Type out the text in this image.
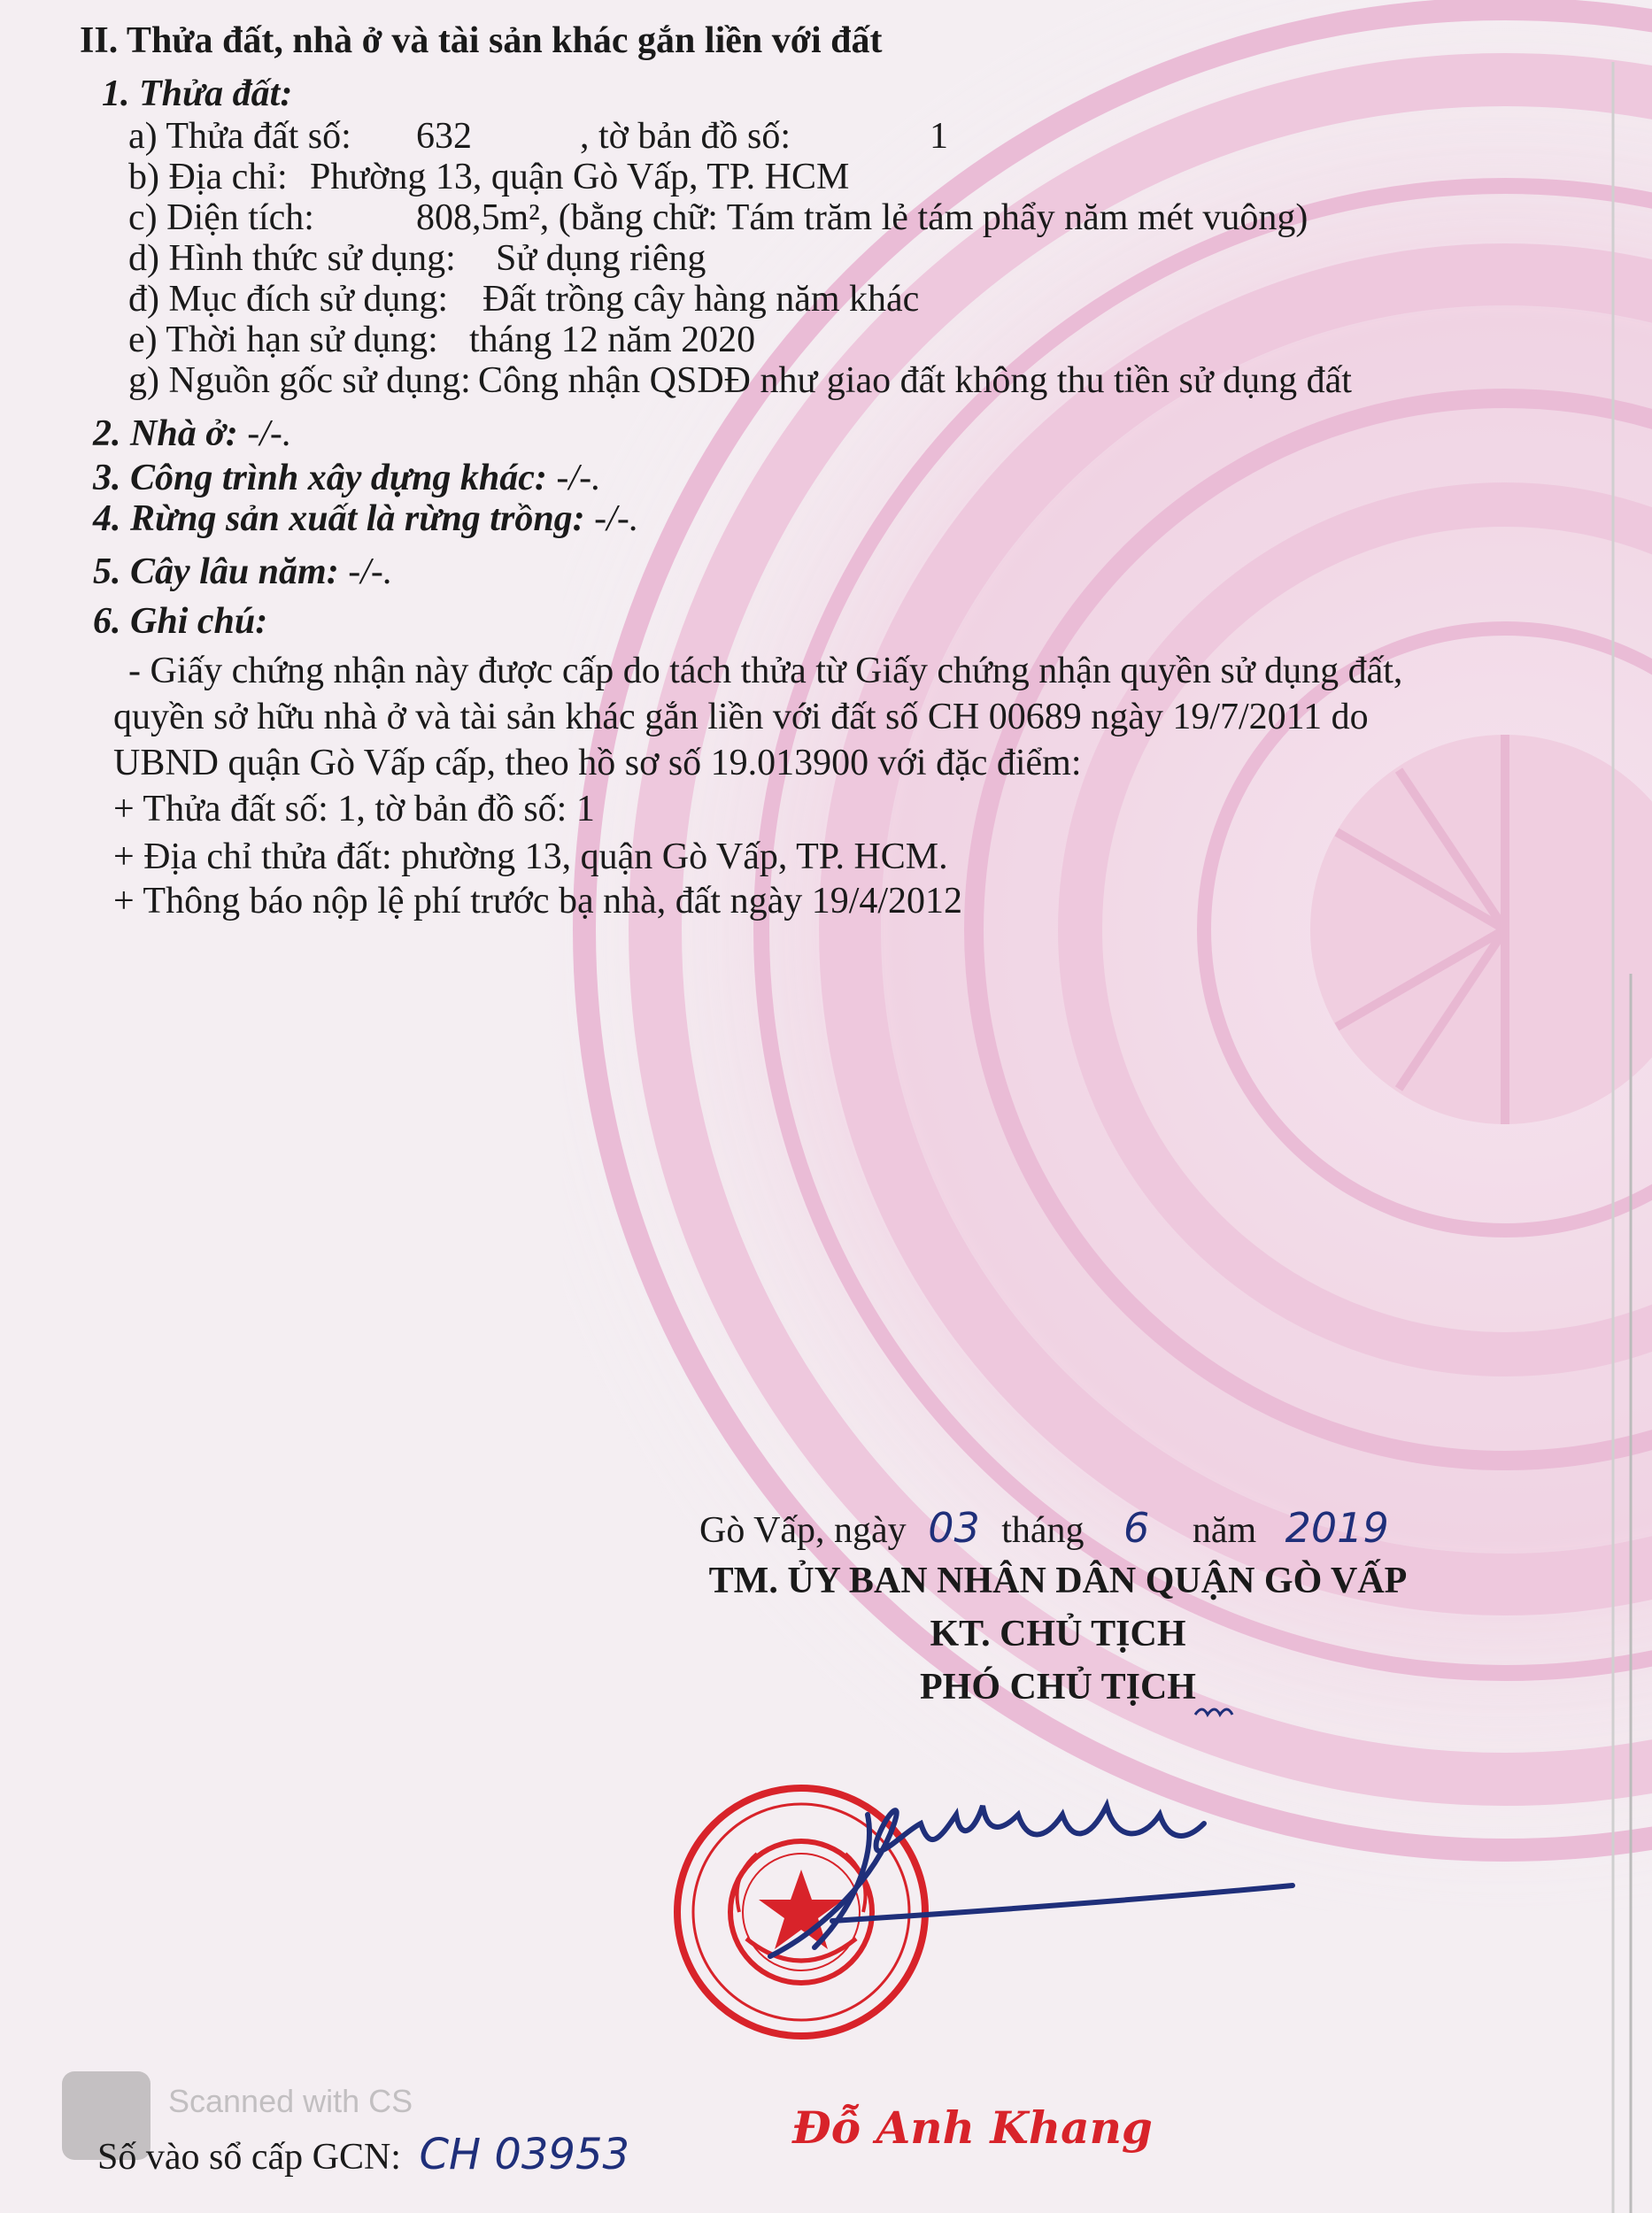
II. Thửa đất, nhà ở và tài sản khác gắn liền với đất
1. Thửa đất:
a) Thửa đất số: 632	, tờ bản đồ số:	1
b) Địa chỉ: Phường 13, quận Gò Vấp, TP. HCM
c) Diện tích:	808,5m², (bằng chữ: Tám trăm lẻ tám phẩy năm mét vuông)
d) Hình thức sử dụng: Sử dụng riêng
đ) Mục đích sử dụng: Đất trồng cây hàng năm khác
e) Thời hạn sử dụng: tháng 12 năm 2020
g) Nguồn gốc sử dụng: Công nhận QSDĐ như giao đất không thu tiền sử dụng đất
2. Nhà ở: -/-.
3. Công trình xây dựng khác: -/-.
4. Rừng sản xuất là rừng trồng: -/-.
5. Cây lâu năm: -/-.
6. Ghi chú:
- Giấy chứng nhận này được cấp do tách thửa từ Giấy chứng nhận quyền sử dụng đất,
quyền sở hữu nhà ở và tài sản khác gắn liền với đất số CH 00689 ngày 19/7/2011 do
UBND quận Gò Vấp cấp, theo hồ sơ số 19.013900 với đặc điểm:
+ Thửa đất số: 1, tờ bản đồ số: 1
+ Địa chỉ thửa đất: phường 13, quận Gò Vấp, TP. HCM.
+ Thông báo nộp lệ phí trước bạ nhà, đất ngày 19/4/2012
Gò Vấp, ngày 03 tháng 6 năm 2019
TM. ỦY BAN NHÂN DÂN QUẬN GÒ VẤP
KT. CHỦ TỊCH
PHÓ CHỦ TỊCH
Đỗ Anh Khang
Số vào sổ cấp GCN: CH 03953
Scanned with CS
